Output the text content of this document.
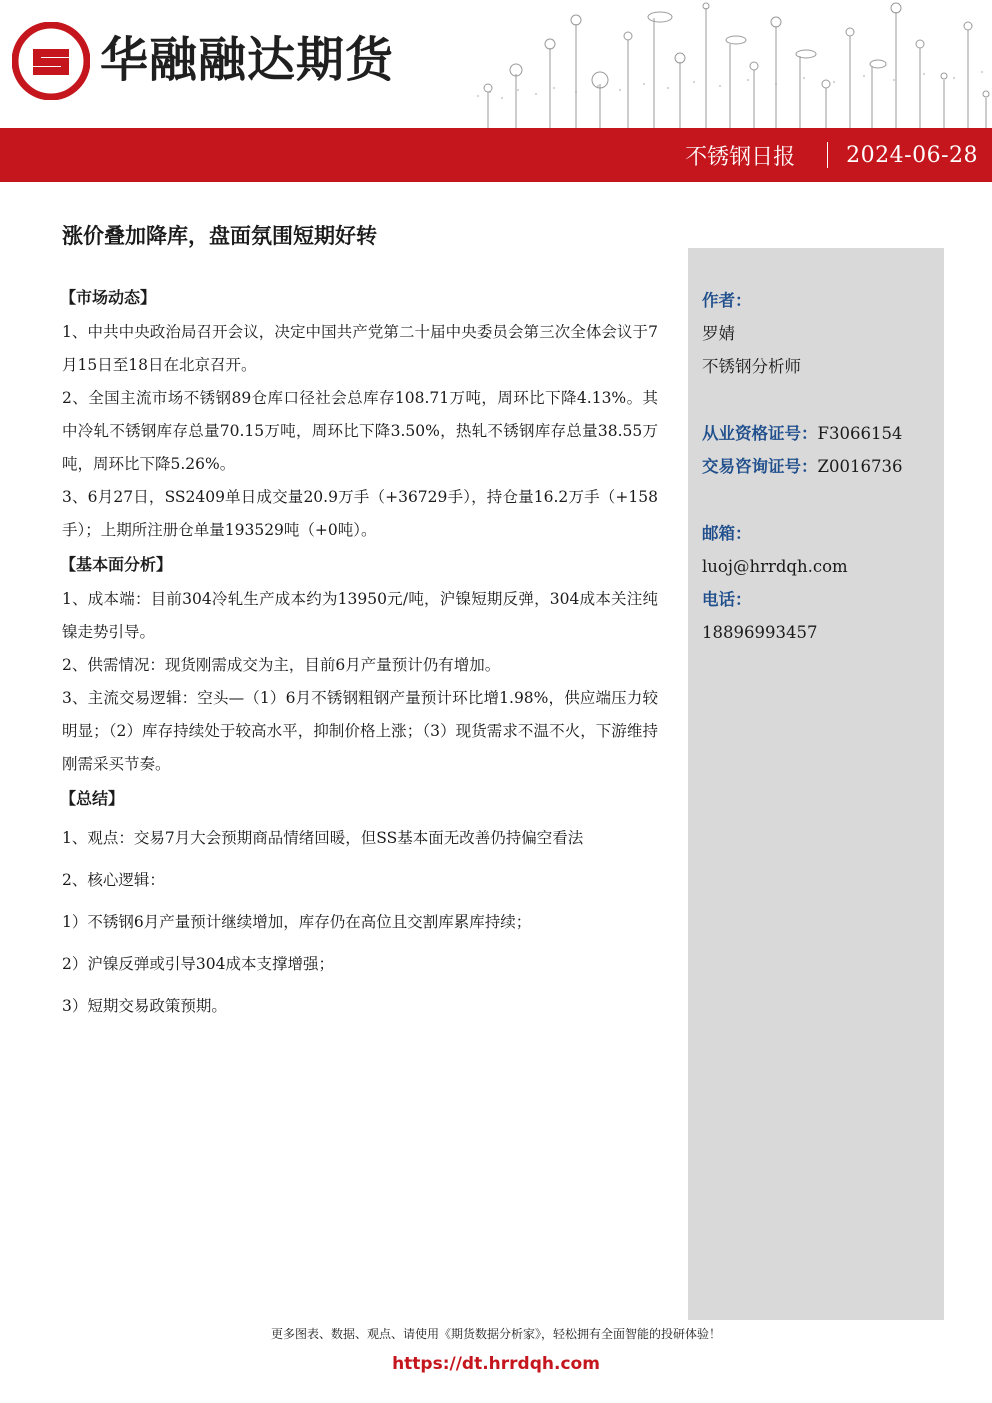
华融融达期货
不锈钢日报 2024-06-28
涨价叠加降库，盘面氛围短期好转
【市场动态】
1、中共中央政治局召开会议，决定中国共产党第二十届中央委员会第三次全体会议于7月15日至18日在北京召开。
2、全国主流市场不锈钢89仓库口径社会总库存108.71万吨，周环比下降4.13%。其中冷轧不锈钢库存总量70.15万吨，周环比下降3.50%，热轧不锈钢库存总量38.55万吨，周环比下降5.26%。
3、6月27日，SS2409单日成交量20.9万手（+36729手），持仓量16.2万手（+158手）；上期所注册仓单量193529吨（+0吨）。
【基本面分析】
1、成本端：目前304冷轧生产成本约为13950元/吨，沪镍短期反弹，304成本关注纯镍走势引导。
2、供需情况：现货刚需成交为主，目前6月产量预计仍有增加。
3、主流交易逻辑：空头—（1）6月不锈钢粗钢产量预计环比增1.98%，供应端压力较明显；（2）库存持续处于较高水平，抑制价格上涨；（3）现货需求不温不火，下游维持刚需采买节奏。
【总结】
1、观点：交易7月大会预期商品情绪回暖，但SS基本面无改善仍持偏空看法
2、核心逻辑：
1）不锈钢6月产量预计继续增加，库存仍在高位且交割库累库持续；
2）沪镍反弹或引导304成本支撑增强；
3）短期交易政策预期。
作者：
罗婧
不锈钢分析师
从业资格证号：F3066154
交易咨询证号：Z0016736
邮箱：
luoj@hrrdqh.com
电话：
18896993457
更多图表、数据、观点、请使用《期货数据分析家》，轻松拥有全面智能的投研体验！
https://dt.hrrdqh.com
